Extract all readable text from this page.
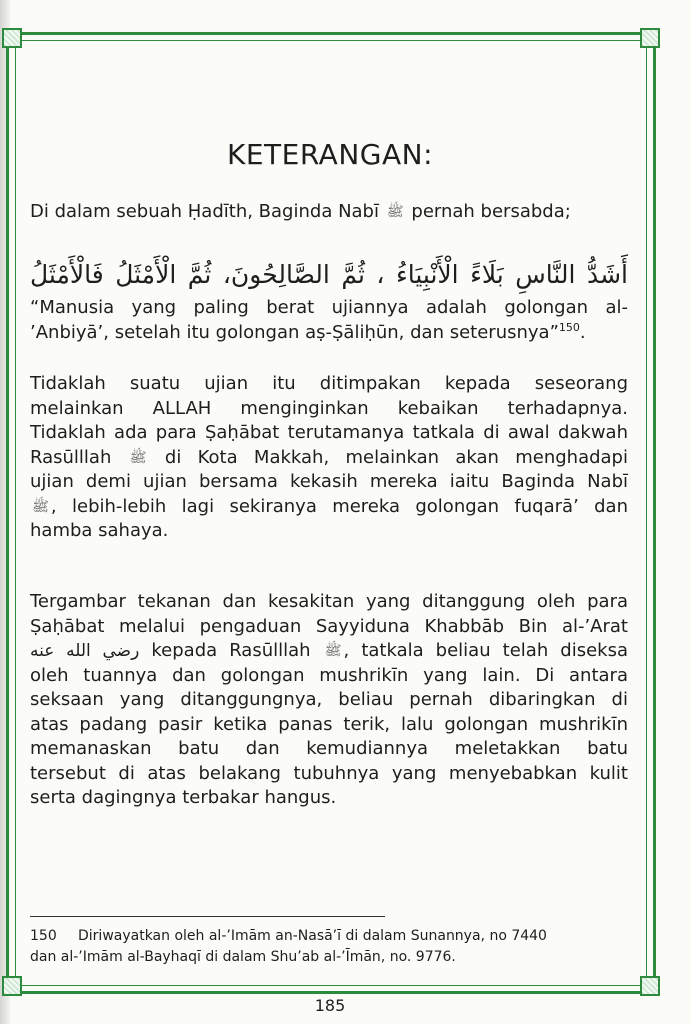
KETERANGAN:

Di dalam sebuah Ḥadīth, Baginda Nabī ﷺ pernah bersabda;

أَشَدُّ النَّاسِ بَلَاءً الْأَنْبِيَاءُ ، ثُمَّ الصَّالِحُونَ، ثُمَّ الْأَمْثَلُ فَالْأَمْثَلُ

“Manusia yang paling berat ujiannya adalah golongan al-
’Anbiyā’, setelah itu golongan aṣ-Ṣāliḥūn, dan seterusnya”$^{150}$.

Tidaklah suatu ujian itu ditimpakan kepada seseorang
melainkan ALLAH menginginkan kebaikan terhadapnya.
Tidaklah ada para Ṣaḥābat terutamanya tatkala di awal dakwah
Rasūlllah ﷺ di Kota Makkah, melainkan akan menghadapi
ujian demi ujian bersama kekasih mereka iaitu Baginda Nabī
ﷺ , lebih-lebih lagi sekiranya mereka golongan fuqarā’ dan
hamba sahaya.

Tergambar tekanan dan kesakitan yang ditanggung oleh para
Ṣaḥābat melalui pengaduan Sayyiduna Khabbāb Bin al-’Arat
رضي الله عنه kepada Rasūlllah ﷺ , tatkala beliau telah diseksa
oleh tuannya dan golongan mushrikīn yang lain. Di antara
seksaan yang ditanggungnya, beliau pernah dibaringkan di
atas padang pasir ketika panas terik, lalu golongan mushrikīn
memanaskan batu dan kemudiannya meletakkan batu
tersebut di atas belakang tubuhnya yang menyebabkan kulit
serta dagingnya terbakar hangus.

150 Diriwayatkan oleh al-’Imām an-Nasā’ī di dalam Sunannya, no 7440
dan al-’Imām al-Bayhaqī di dalam Shu’ab al-’Īmān, no. 9776.
185
